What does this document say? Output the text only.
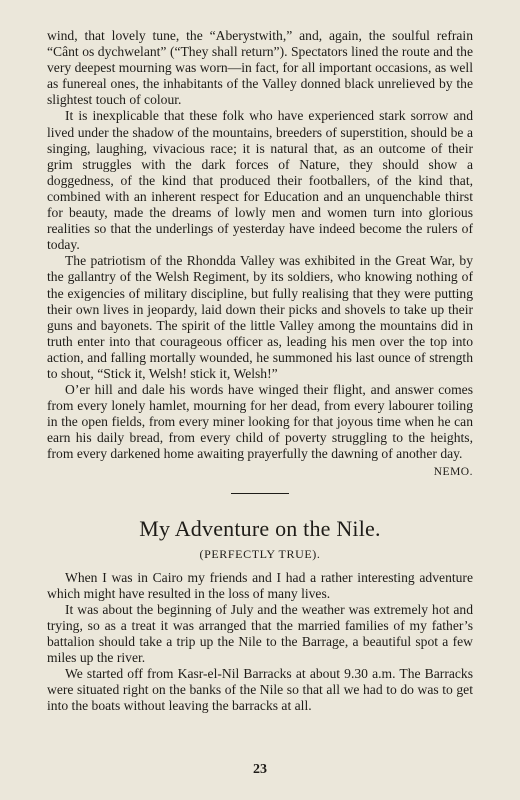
wind, that lovely tune, the “Aberystwith,” and, again, the soulful refrain “Cânt os dychwelant” (“They shall return”). Spectators lined the route and the very deepest mourning was worn—in fact, for all important occasions, as well as funereal ones, the inhabitants of the Valley donned black unrelieved by the slightest touch of colour.

It is inexplicable that these folk who have experienced stark sorrow and lived under the shadow of the mountains, breeders of superstition, should be a singing, laughing, vivacious race; it is natural that, as an outcome of their grim struggles with the dark forces of Nature, they should show a doggedness, of the kind that produced their footballers, of the kind that, combined with an inherent respect for Education and an unquenchable thirst for beauty, made the dreams of lowly men and women turn into glorious realities so that the underlings of yesterday have indeed become the rulers of today.

The patriotism of the Rhondda Valley was exhibited in the Great War, by the gallantry of the Welsh Regiment, by its soldiers, who knowing nothing of the exigencies of military discipline, but fully realising that they were putting their own lives in jeopardy, laid down their picks and shovels to take up their guns and bayonets. The spirit of the little Valley among the mountains did in truth enter into that courageous officer as, leading his men over the top into action, and falling mortally wounded, he summoned his last ounce of strength to shout, “Stick it, Welsh! stick it, Welsh!”

O’er hill and dale his words have winged their flight, and answer comes from every lonely hamlet, mourning for her dead, from every labourer toiling in the open fields, from every miner looking for that joyous time when he can earn his daily bread, from every child of poverty struggling to the heights, from every darkened home awaiting prayerfully the dawning of another day.

NEMO.
My Adventure on the Nile.
(PERFECTLY TRUE).

When I was in Cairo my friends and I had a rather interesting adventure which might have resulted in the loss of many lives.

It was about the beginning of July and the weather was extremely hot and trying, so as a treat it was arranged that the married families of my father’s battalion should take a trip up the Nile to the Barrage, a beautiful spot a few miles up the river.

We started off from Kasr-el-Nil Barracks at about 9.30 a.m. The Barracks were situated right on the banks of the Nile so that all we had to do was to get into the boats without leaving the barracks at all.

23
